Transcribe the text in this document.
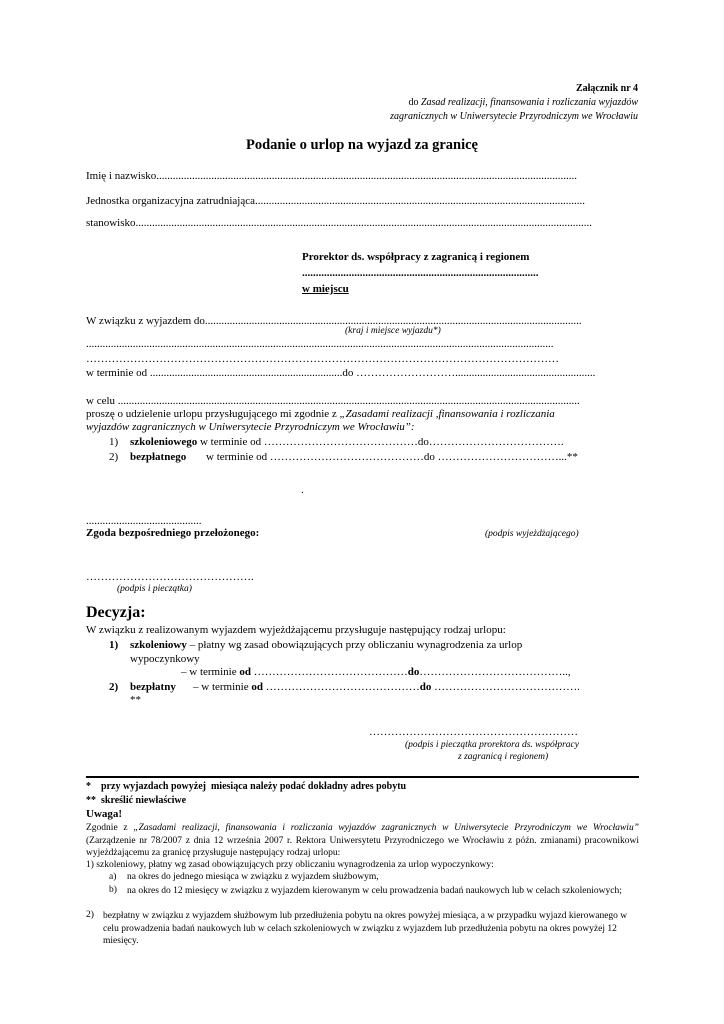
Załącznik nr 4
do Zasad realizacji, finansowania i rozliczania wyjazdów
zagranicznych w Uniwersytecie Przyrodniczym we Wrocławiu
Podanie o urlop na wyjazd za granicę
Imię i nazwisko.........................................................................................................................................................
Jednostka organizacyjna zatrudniająca........................................................................................................................
stanowisko......................................................................................................................................................................
Prorektor ds. współpracy z zagranicą i regionem
......................................................................................
w miejscu
W związku z wyjazdem do.........................................................................................................................................
(kraj i miejsce wyjazdu*)
..........................................................................................................................................................................
…………………………………………………………………………………………………………………
w terminie od ......................................................................do ………………………...................................................
w celu ........................................................................................................................................................................
proszę o udzielenie urlopu przysługującego mi zgodnie z „Zasadami realizacji ,finansowania i rozliczania
wyjazdów zagranicznych w Uniwersytecie Przyrodniczym we Wrocławiu”:
1) szkoleniowego w terminie od ……………………………………do……………………………….
2) bezpłatnego w terminie od ……………………………………do ……………………………...**
.
..........................................
Zgoda bezpośredniego przełożonego:	(podpis wyjeżdżającego)
……………………………………….
(podpis i pieczątka)
Decyzja:
W związku z realizowanym wyjazdem wyjeżdżającemu przysługuje następujący rodzaj urlopu:
1) szkoleniowy – płatny wg zasad obowiązujących przy obliczaniu wynagrodzenia za urlop
wypoczynkowy
– w terminie od ……………………………………do…………………………………..,
2) bezpłatny – w terminie od ……………………………………do ………………………………….
**
…………………………………………………
(podpis i pieczątka prorektora ds. współpracy
z zagranicą i regionem)
*    przy wyjazdach powyżej  miesiąca należy podać dokładny adres pobytu
**  skreślić niewłaściwe
Uwaga!
Zgodnie z „Zasadami realizacji, finansowania i rozliczania wyjazdów zagranicznych w Uniwersytecie Przyrodniczym we Wrocławiu” (Zarządzenie nr 78/2007 z dnia 12 września 2007 r. Rektora Uniwersytetu Przyrodniczego we Wrocławiu z późn. zmianami) pracownikowi wyjeżdżającemu za granicę przysługuje następujący rodzaj urlopu:
1) szkoleniowy, płatny wg zasad obowiązujących przy obliczaniu wynagrodzenia za urlop wypoczynkowy:
a) na okres do jednego miesiąca w związku z wyjazdem służbowym,
b) na okres do 12 miesięcy w związku z wyjazdem kierowanym w celu prowadzenia badań naukowych lub w celach szkoleniowych;
2) bezpłatny w związku z wyjazdem służbowym lub przedłużenia pobytu na okres powyżej miesiąca, a w przypadku wyjazd kierowanego w celu prowadzenia badań naukowych lub w celach szkoleniowych w związku z wyjazdem lub przedłużenia pobytu na okres powyżej 12 miesięcy.
